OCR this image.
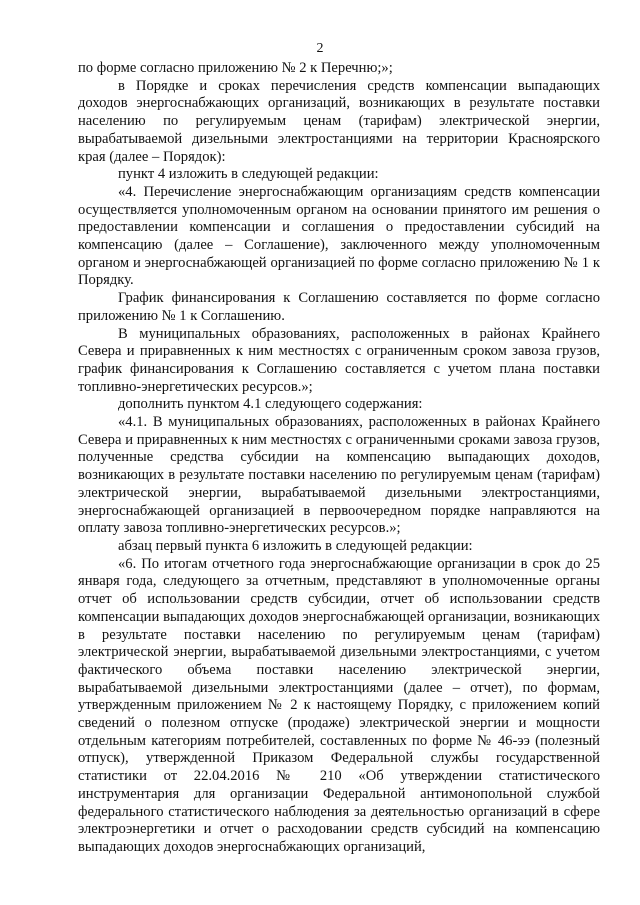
2

по форме согласно приложению № 2 к Перечню;»;

в Порядке и сроках перечисления средств компенсации выпадающих доходов энергоснабжающих организаций, возникающих в результате поставки населению по регулируемым ценам (тарифам) электрической энергии, вырабатываемой дизельными электростанциями на территории Красноярского края (далее – Порядок):

пункт 4 изложить в следующей редакции:

«4. Перечисление энергоснабжающим организациям средств компенсации осуществляется уполномоченным органом на основании принятого им решения о предоставлении компенсации и соглашения о предоставлении субсидий на компенсацию (далее – Соглашение), заключенного между уполномоченным органом и энергоснабжающей организацией по форме согласно приложению № 1 к Порядку.

График финансирования к Соглашению составляется по форме согласно приложению № 1 к Соглашению.

В муниципальных образованиях, расположенных в районах Крайнего Севера и приравненных к ним местностях с ограниченным сроком завоза грузов, график финансирования к Соглашению составляется с учетом плана поставки топливно-энергетических ресурсов.»;

дополнить пунктом 4.1 следующего содержания:

«4.1. В муниципальных образованиях, расположенных в районах Крайнего Севера и приравненных к ним местностях с ограниченными сроками завоза грузов, полученные средства субсидии на компенсацию выпадающих доходов, возникающих в результате поставки населению по регулируемым ценам (тарифам) электрической энергии, вырабатываемой дизельными электростанциями, энергоснабжающей организацией в первоочередном порядке направляются на оплату завоза топливно-энергетических ресурсов.»;

абзац первый пункта 6 изложить в следующей редакции:

«6. По итогам отчетного года энергоснабжающие организации в срок до 25 января года, следующего за отчетным, представляют в уполномоченные органы отчет об использовании средств субсидии, отчет об использовании средств компенсации выпадающих доходов энергоснабжающей организации, возникающих в результате поставки населению по регулируемым ценам (тарифам) электрической энергии, вырабатываемой дизельными электростанциями, с учетом фактического объема поставки населению электрической энергии, вырабатываемой дизельными электростанциями (далее – отчет), по формам, утвержденным приложением № 2 к настоящему Порядку, с приложением копий сведений о полезном отпуске (продаже) электрической энергии и мощности отдельным категориям потребителей, составленных по форме № 46-ээ (полезный отпуск), утвержденной Приказом Федеральной службы государственной статистики от 22.04.2016 № 210 «Об утверждении статистического инструментария для организации Федеральной антимонопольной службой федерального статистического наблюдения за деятельностью организаций в сфере электроэнергетики и отчет о расходовании средств субсидий на компенсацию выпадающих доходов энергоснабжающих организаций,
